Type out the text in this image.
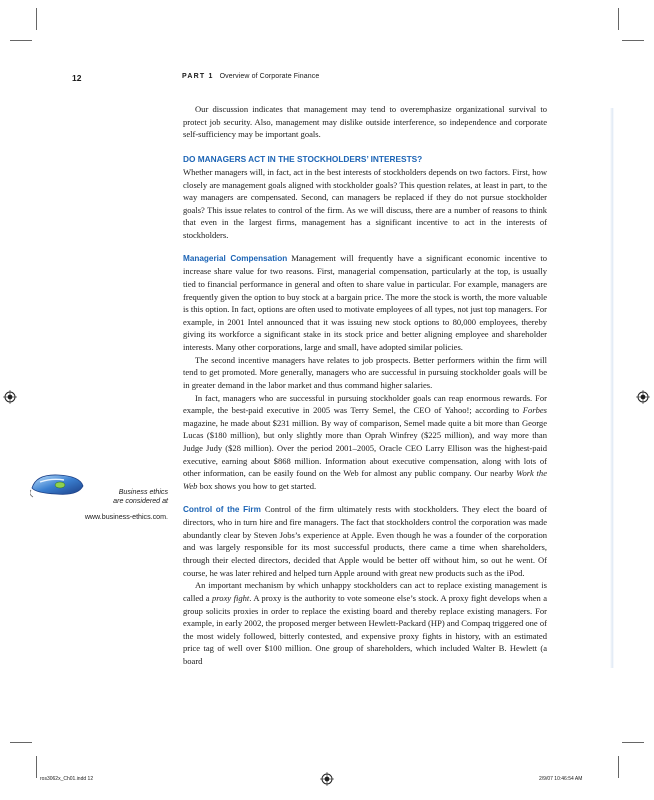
12	PART 1 Overview of Corporate Finance

Our discussion indicates that management may tend to overemphasize organizational survival to protect job security. Also, management may dislike outside interference, so independence and corporate self-sufficiency may be important goals.

DO MANAGERS ACT IN THE STOCKHOLDERS’ INTERESTS?

Whether managers will, in fact, act in the best interests of stockholders depends on two factors. First, how closely are management goals aligned with stockholder goals? This question relates, at least in part, to the way managers are compensated. Second, can managers be replaced if they do not pursue stockholder goals? This issue relates to control of the firm. As we will discuss, there are a number of reasons to think that even in the largest firms, management has a significant incentive to act in the interests of stockholders.

Managerial Compensation Management will frequently have a significant economic incentive to increase share value for two reasons. First, managerial compensation, particularly at the top, is usually tied to financial performance in general and often to share value in particular. For example, managers are frequently given the option to buy stock at a bargain price. The more the stock is worth, the more valuable is this option. In fact, options are often used to motivate employees of all types, not just top managers. For example, in 2001 Intel announced that it was issuing new stock options to 80,000 employees, thereby giving its workforce a significant stake in its stock price and better aligning employee and shareholder interests. Many other corporations, large and small, have adopted similar policies.

The second incentive managers have relates to job prospects. Better performers within the firm will tend to get promoted. More generally, managers who are successful in pursuing stockholder goals will be in greater demand in the labor market and thus command higher salaries.

In fact, managers who are successful in pursuing stockholder goals can reap enormous rewards. For example, the best-paid executive in 2005 was Terry Semel, the CEO of Yahoo!; according to Forbes magazine, he made about $231 million. By way of comparison, Semel made quite a bit more than George Lucas ($180 million), but only slightly more than Oprah Winfrey ($225 million), and way more than Judge Judy ($28 million). Over the period 2001–2005, Oracle CEO Larry Ellison was the highest-paid executive, earning about $868 million. Information about executive compensation, along with lots of other information, can be easily found on the Web for almost any public company. Our nearby Work the Web box shows you how to get started.

Control of the Firm Control of the firm ultimately rests with stockholders. They elect the board of directors, who in turn hire and fire managers. The fact that stockholders control the corporation was made abundantly clear by Steven Jobs’s experience at Apple. Even though he was a founder of the corporation and was largely responsible for its most successful products, there came a time when shareholders, through their elected directors, decided that Apple would be better off without him, so out he went. Of course, he was later rehired and helped turn Apple around with great new products such as the iPod.

An important mechanism by which unhappy stockholders can act to replace existing management is called a proxy fight. A proxy is the authority to vote someone else’s stock. A proxy fight develops when a group solicits proxies in order to replace the existing board and thereby replace existing managers. For example, in early 2002, the proposed merger between Hewlett-Packard (HP) and Compaq triggered one of the most widely followed, bitterly contested, and expensive proxy fights in history, with an estimated price tag of well over $100 million. One group of shareholders, which included Walter B. Hewlett (a board

Business ethics
are considered at
www.business-ethics.com.
ros3062x_Ch01.indd 12	2/9/07 10:46:54 AM
